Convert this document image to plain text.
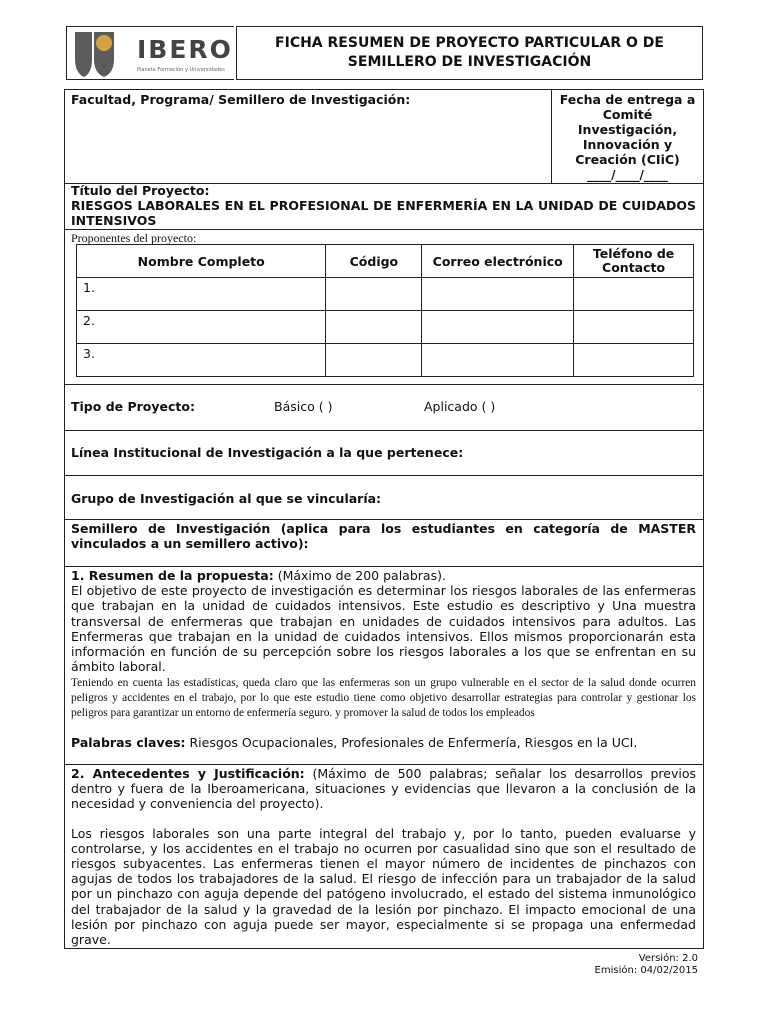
IBERO
Planeta Formación y Universidades
FICHA RESUMEN DE PROYECTO PARTICULAR O DE SEMILLERO DE INVESTIGACIÓN
Facultad, Programa/ Semillero de Investigación:	Fecha de entrega a Comité Investigación, Innovación y Creación (CIiC)
____/____/____
Título del Proyecto:
RIESGOS LABORALES EN EL PROFESIONAL DE ENFERMERÍA EN LA UNIDAD DE CUIDADOS INTENSIVOS
Proponentes del proyecto:
Nombre Completo	Código	Correo electrónico	Teléfono de Contacto
1.			
2.			
3.			
Tipo de Proyecto:	Básico ( )	Aplicado ( )
Línea Institucional de Investigación a la que pertenece:
Grupo de Investigación al que se vincularía:
Semillero de Investigación (aplica para los estudiantes en categoría de MASTER vinculados a un semillero activo):
1. Resumen de la propuesta: (Máximo de 200 palabras).
El objetivo de este proyecto de investigación es determinar los riesgos laborales de las enfermeras que trabajan en la unidad de cuidados intensivos. Este estudio es descriptivo y Una muestra transversal de enfermeras que trabajan en unidades de cuidados intensivos para adultos. Las Enfermeras que trabajan en la unidad de cuidados intensivos. Ellos mismos proporcionarán esta información en función de su percepción sobre los riesgos laborales a los que se enfrentan en su ámbito laboral.
Teniendo en cuenta las estadísticas, queda claro que las enfermeras son un grupo vulnerable en el sector de la salud donde ocurren peligros y accidentes en el trabajo, por lo que este estudio tiene como objetivo desarrollar estrategias para controlar y gestionar los peligros para garantizar un entorno de enfermería seguro. y promover la salud de todos los empleados
Palabras claves: Riesgos Ocupacionales, Profesionales de Enfermería, Riesgos en la UCI.
2. Antecedentes y Justificación: (Máximo de 500 palabras; señalar los desarrollos previos dentro y fuera de la Iberoamericana, situaciones y evidencias que llevaron a la conclusión de la necesidad y conveniencia del proyecto).
Los riesgos laborales son una parte integral del trabajo y, por lo tanto, pueden evaluarse y controlarse, y los accidentes en el trabajo no ocurren por casualidad sino que son el resultado de riesgos subyacentes. Las enfermeras tienen el mayor número de incidentes de pinchazos con agujas de todos los trabajadores de la salud. El riesgo de infección para un trabajador de la salud por un pinchazo con aguja depende del patógeno involucrado, el estado del sistema inmunológico del trabajador de la salud y la gravedad de la lesión por pinchazo. El impacto emocional de una lesión por pinchazo con aguja puede ser mayor, especialmente si se propaga una enfermedad grave.
Versión: 2.0
Emisión: 04/02/2015
